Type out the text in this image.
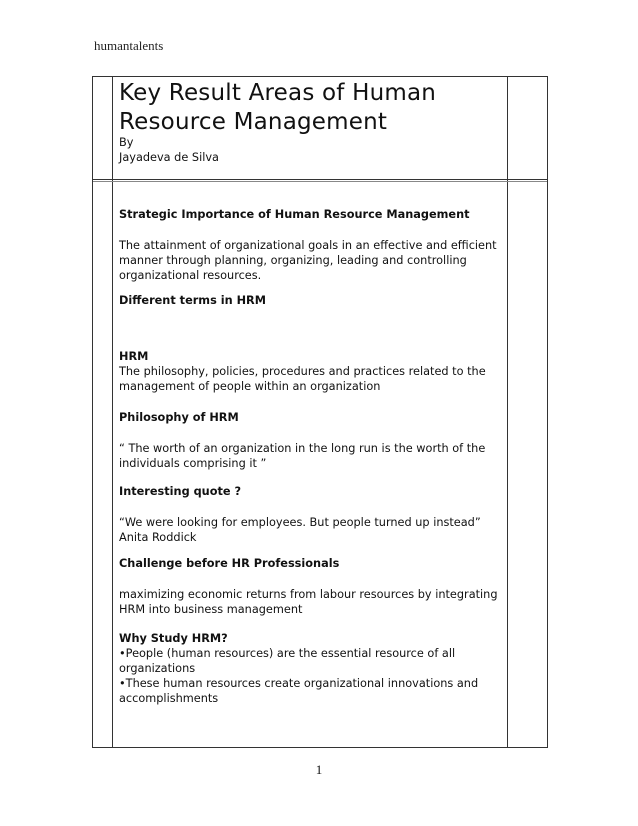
humantalents
Key Result Areas of Human
Resource Management
By
Jayadeva de Silva
Strategic Importance of Human Resource Management
The attainment of organizational goals in an effective and efficient
manner through planning, organizing, leading and controlling
organizational resources.
Different terms in HRM
HRM
The philosophy, policies, procedures and practices related to the
management of people within an organization
Philosophy of HRM
“ The worth of an organization in the long run is the worth of the
individuals comprising it ”
Interesting quote ?
“We were looking for employees. But people turned up instead”
Anita Roddick
Challenge before HR Professionals
maximizing economic returns from labour resources by integrating
HRM into business management
Why Study HRM?
•People (human resources) are the essential resource of all
organizations
•These human resources create organizational innovations and
accomplishments
1
